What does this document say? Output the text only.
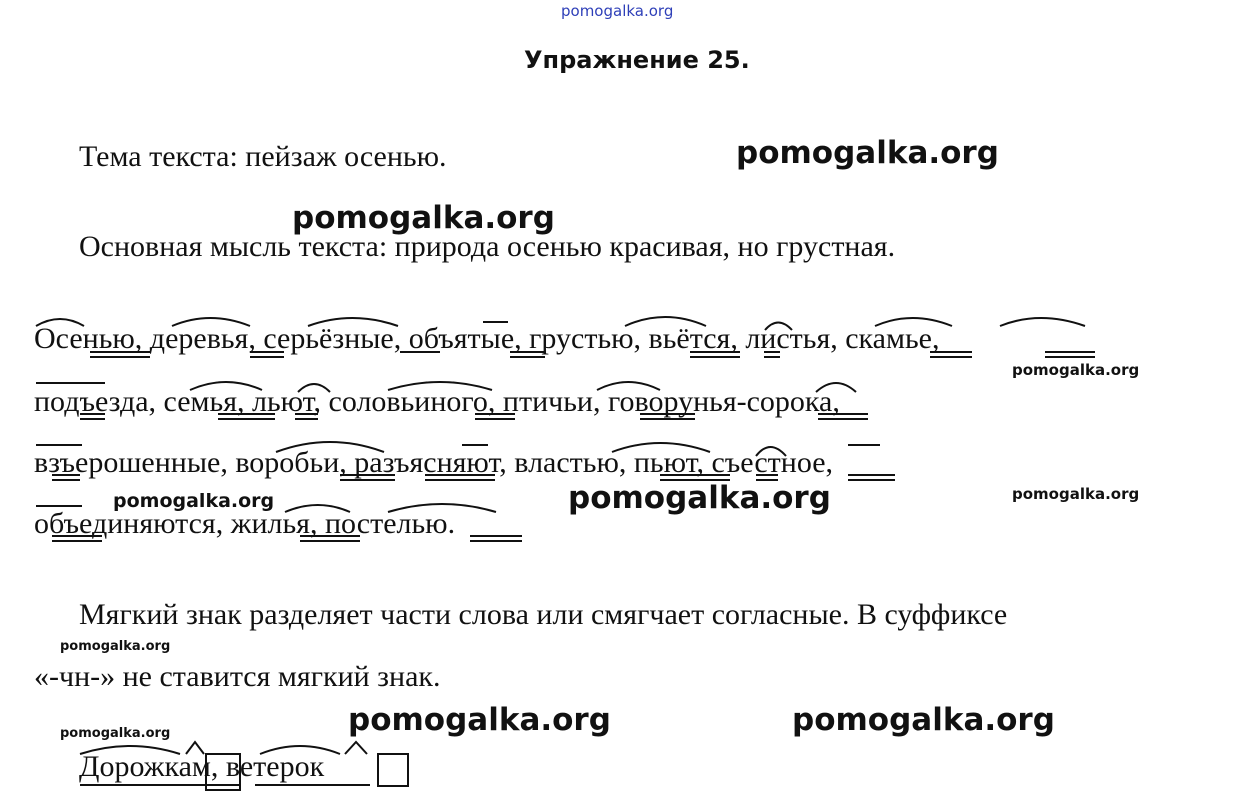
pomogalka.org
pomogalka.org
pomogalka.org
pomogalka.org
pomogalka.org	pomogalka.org	pomogalka.org
pomogalka.org
pomogalka.org	pomogalka.org
pomogalka.org
Упражнение 25.
Тема текста: пейзаж осенью.
Основная мысль текста: природа осенью красивая, но грустная.
Осенью, деревья, серьёзные, объятые, грустью, вьётся, листья, скамье,
подъезда, семья, льют, соловьиного, птичьи, говорунья-сорока,
взъерошенные, воробьи, разъясняют, властью, пьют, съестное,
объединяются, жилья, постелью.
Мягкий знак разделяет части слова или смягчает согласные. В суффиксе
«-чн-» не ставится мягкий знак.
Дорожкам, ветерок
